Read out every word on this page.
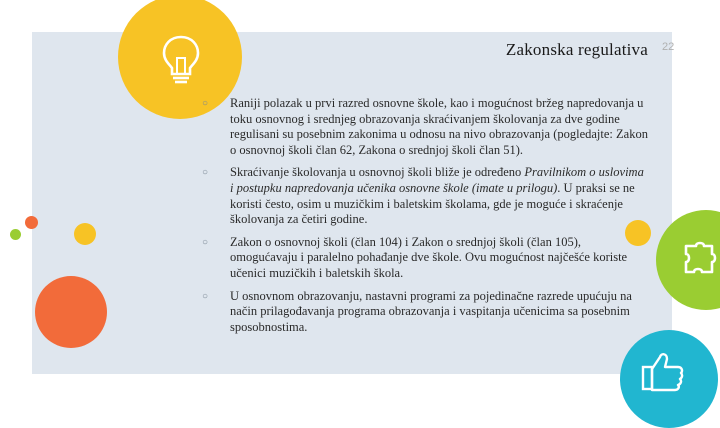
Zakonska regulativa 22
○ Raniji polazak u prvi razred osnovne škole, kao i mogućnost bržeg napredovanja u toku osnovnog i srednjeg obrazovanja skraćivanjem školovanja za dve godine regulisani su posebnim zakonima u odnosu na nivo obrazovanja (pogledajte: Zakon o osnovnoj školi član 62, Zakona o srednjoj školi član 51).
○ Skraćivanje školovanja u osnovnoj školi bliže je određeno Pravilnikom o uslovima i postupku napredovanja učenika osnovne škole (imate u prilogu). U praksi se ne koristi često, osim u muzičkim i baletskim školama, gde je moguće i skraćenje školovanja za četiri godine.
○ Zakon o osnovnoj školi (član 104) i Zakon o srednjoj školi (član 105), omogućavaju i paralelno pohađanje dve škole. Ovu mogućnost najčešće koriste učenici muzičkih i baletskih škola.
○ U osnovnom obrazovanju, nastavni programi za pojedinačne razrede upućuju na način prilagođavanja programa obrazovanja i vaspitanja učenicima sa posebnim sposobnostima.
